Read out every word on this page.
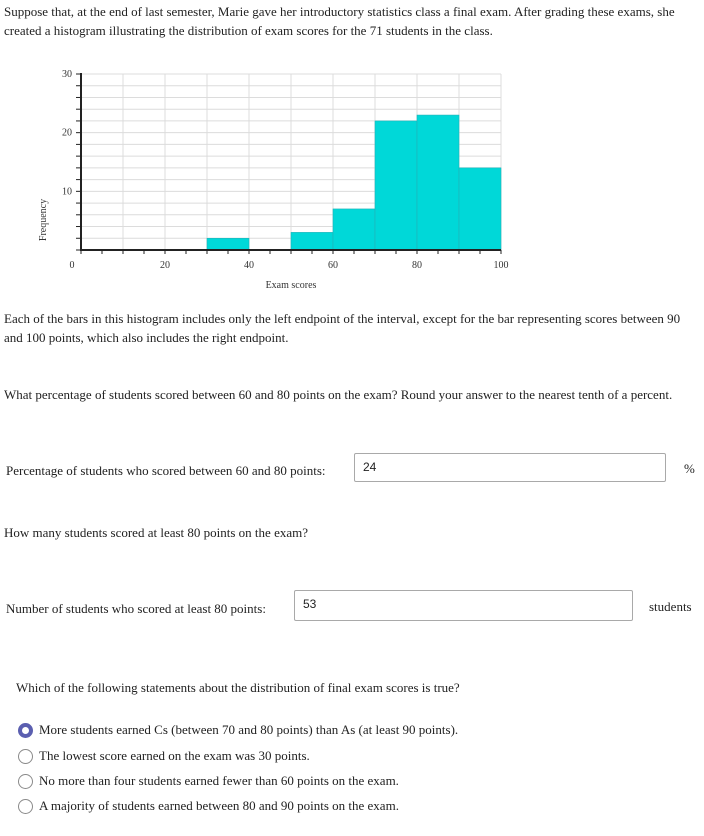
Suppose that, at the end of last semester, Marie gave her introductory statistics class a final exam. After grading these exams, she created a histogram illustrating the distribution of exam scores for the 71 students in the class.
0	20	40	60	80	100
10
20
30
Exam scores
Frequency
Each of the bars in this histogram includes only the left endpoint of the interval, except for the bar representing scores between 90 and 100 points, which also includes the right endpoint.
What percentage of students scored between 60 and 80 points on the exam? Round your answer to the nearest tenth of a percent.
Percentage of students who scored between 60 and 80 points:	24	%
How many students scored at least 80 points on the exam?
Number of students who scored at least 80 points:	53	students
Which of the following statements about the distribution of final exam scores is true?
More students earned Cs (between 70 and 80 points) than As (at least 90 points).
The lowest score earned on the exam was 30 points.
No more than four students earned fewer than 60 points on the exam.
A majority of students earned between 80 and 90 points on the exam.
